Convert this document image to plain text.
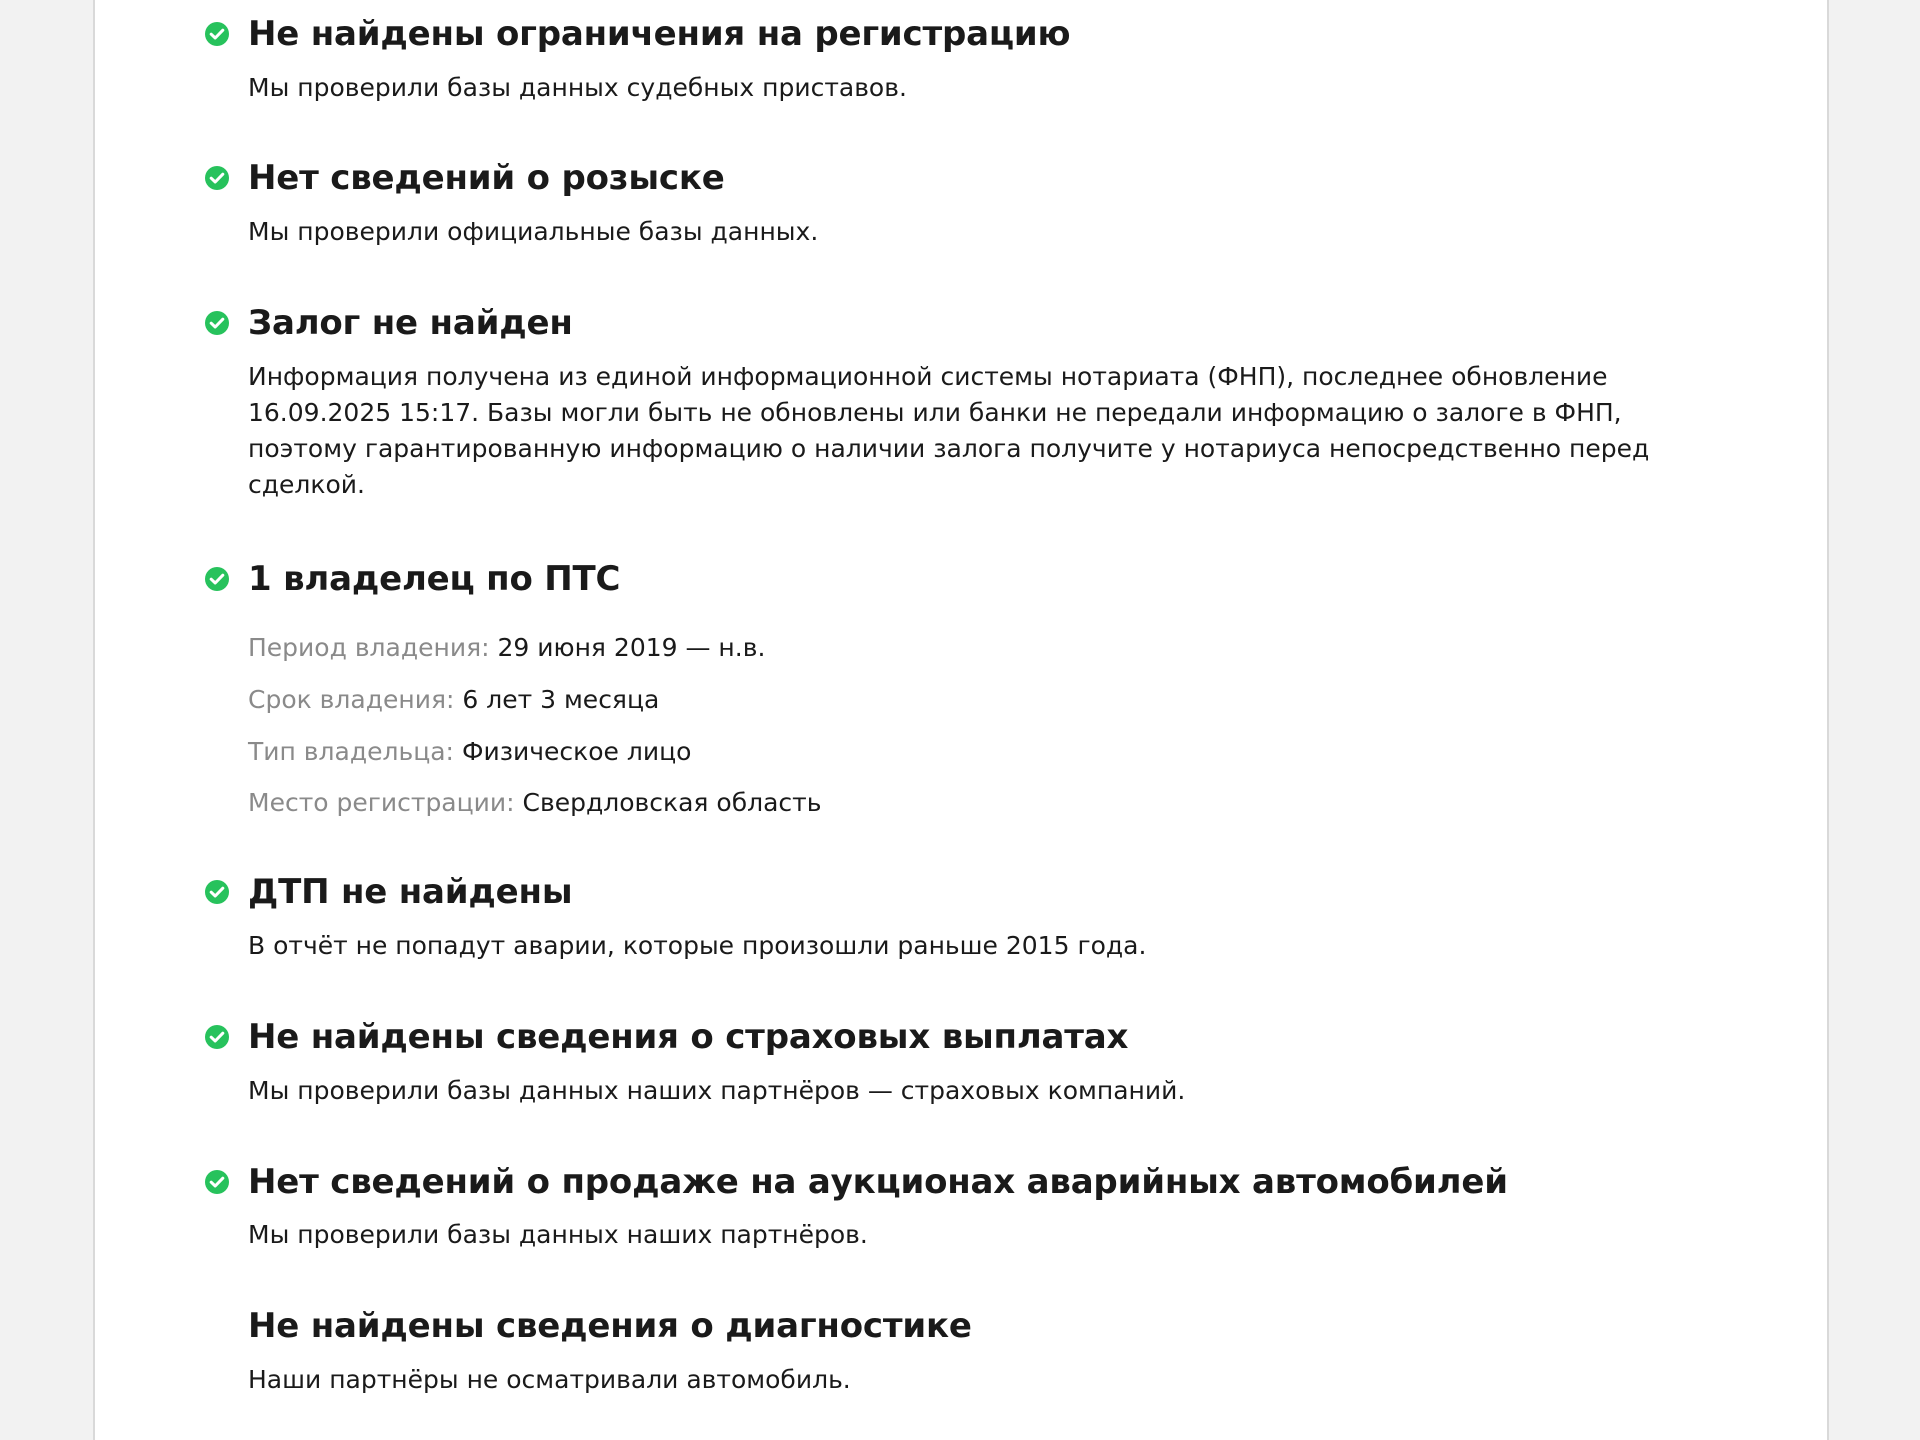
Не найдены ограничения на регистрацию

Мы проверили базы данных судебных приставов.

Нет сведений о розыске

Мы проверили официальные базы данных.

Залог не найден

Информация получена из единой информационной системы нотариата (ФНП), последнее обновление 16.09.2025 15:17. Базы могли быть не обновлены или банки не передали информацию о залоге в ФНП, поэтому гарантированную информацию о наличии залога получите у нотариуса непосредственно перед сделкой.

1 владелец по ПТС

Период владения: 29 июня 2019 — н.в.

Срок владения: 6 лет 3 месяца

Тип владельца: Физическое лицо

Место регистрации: Свердловская область

ДТП не найдены

В отчёт не попадут аварии, которые произошли раньше 2015 года.

Не найдены сведения о страховых выплатах

Мы проверили базы данных наших партнёров — страховых компаний.

Нет сведений о продаже на аукционах аварийных автомобилей

Мы проверили базы данных наших партнёров.

Не найдены сведения о диагностике

Наши партнёры не осматривали автомобиль.
